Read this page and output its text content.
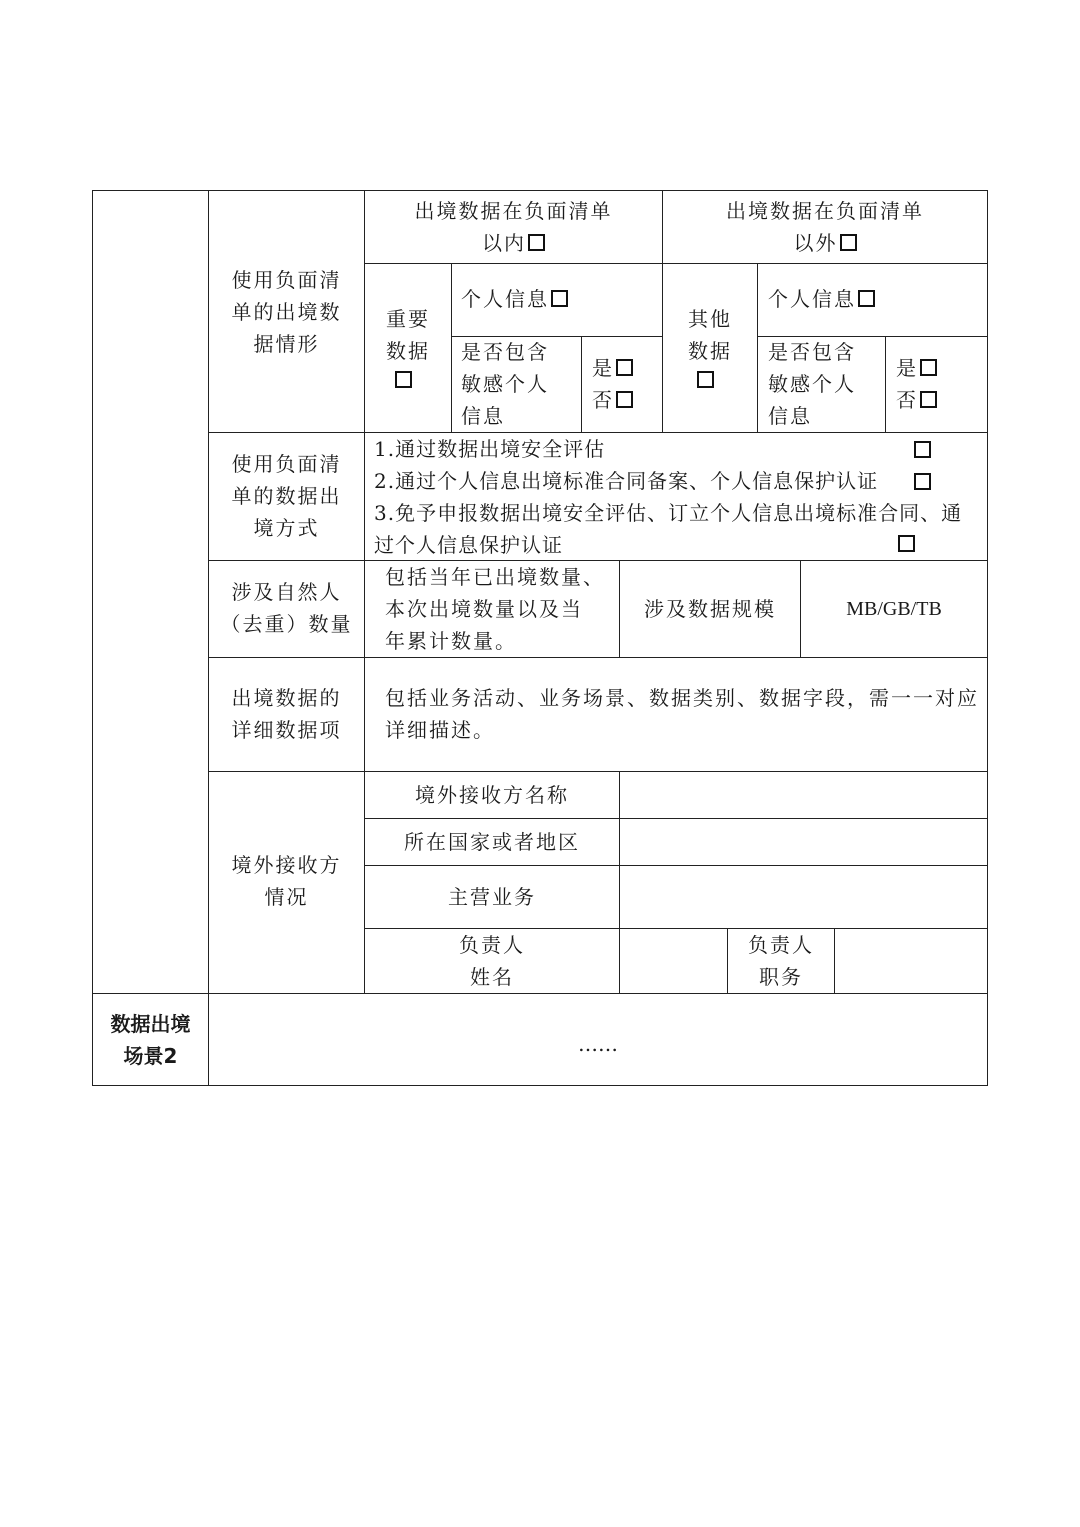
使用负面清
单的出境数
据情形
出境数据在负面清单
以内
出境数据在负面清单
以外
重要
数据
个人信息
是否包含
敏感个人
信息
是
否
其他
数据
个人信息
是否包含
敏感个人
信息
是
否
使用负面清
单的数据出
境方式
1.通过数据出境安全评估
2.通过个人信息出境标准合同备案、个人信息保护认证
3.免予申报数据出境安全评估、订立个人信息出境标准合同、通过个人信息保护认证
涉及自然人
（去重）数量
包括当年已出境数量、
本次出境数量以及当
年累计数量。
涉及数据规模	MB/GB/TB
出境数据的
详细数据项
包括业务活动、业务场景、数据类别、数据字段，需一一对应
详细描述。
境外接收方
情况
境外接收方名称
所在国家或者地区
主营业务
负责人
姓名
负责人
职务
数据出境
场景2	……
